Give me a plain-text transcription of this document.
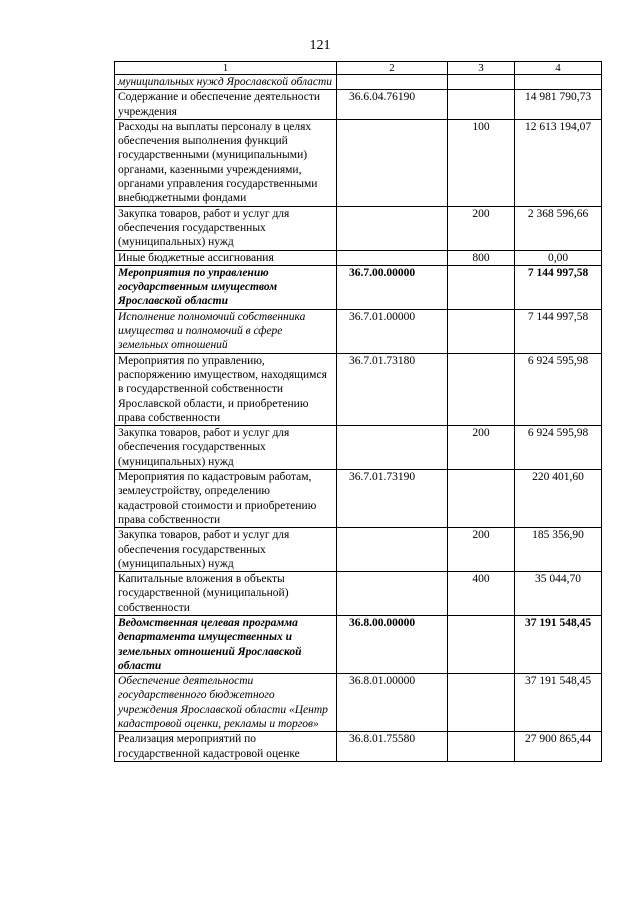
121
1	2	3	4
муниципальных нужд Ярославской области			
Содержание и обеспечение деятельности учреждения	36.6.04.76190		14 981 790,73
Расходы на выплаты персоналу в целях обеспечения выполнения функций государственными (муниципальными) органами, казенными учреждениями, органами управления государственными внебюджетными фондами		100	12 613 194,07
Закупка товаров, работ и услуг для обеспечения государственных (муниципальных) нужд		200	2 368 596,66
Иные бюджетные ассигнования		800	0,00
Мероприятия по управлению государственным имуществом Ярославской области	36.7.00.00000		7 144 997,58
Исполнение полномочий собственника имущества и полномочий в сфере земельных отношений	36.7.01.00000		7 144 997,58
Мероприятия по управлению, распоряжению имуществом, находящимся в государственной собственности Ярославской области, и приобретению права собственности	36.7.01.73180		6 924 595,98
Закупка товаров, работ и услуг для обеспечения государственных (муниципальных) нужд		200	6 924 595,98
Мероприятия по кадастровым работам, землеустройству, определению кадастровой стоимости и приобретению права собственности	36.7.01.73190		220 401,60
Закупка товаров, работ и услуг для обеспечения государственных (муниципальных) нужд		200	185 356,90
Капитальные вложения в объекты государственной (муниципальной) собственности		400	35 044,70
Ведомственная целевая программа департамента имущественных и земельных отношений Ярославской области	36.8.00.00000		37 191 548,45
Обеспечение деятельности государственного бюджетного учреждения Ярославской области «Центр кадастровой оценки, рекламы и торгов»	36.8.01.00000		37 191 548,45
Реализация мероприятий по государственной кадастровой оценке	36.8.01.75580		27 900 865,44
